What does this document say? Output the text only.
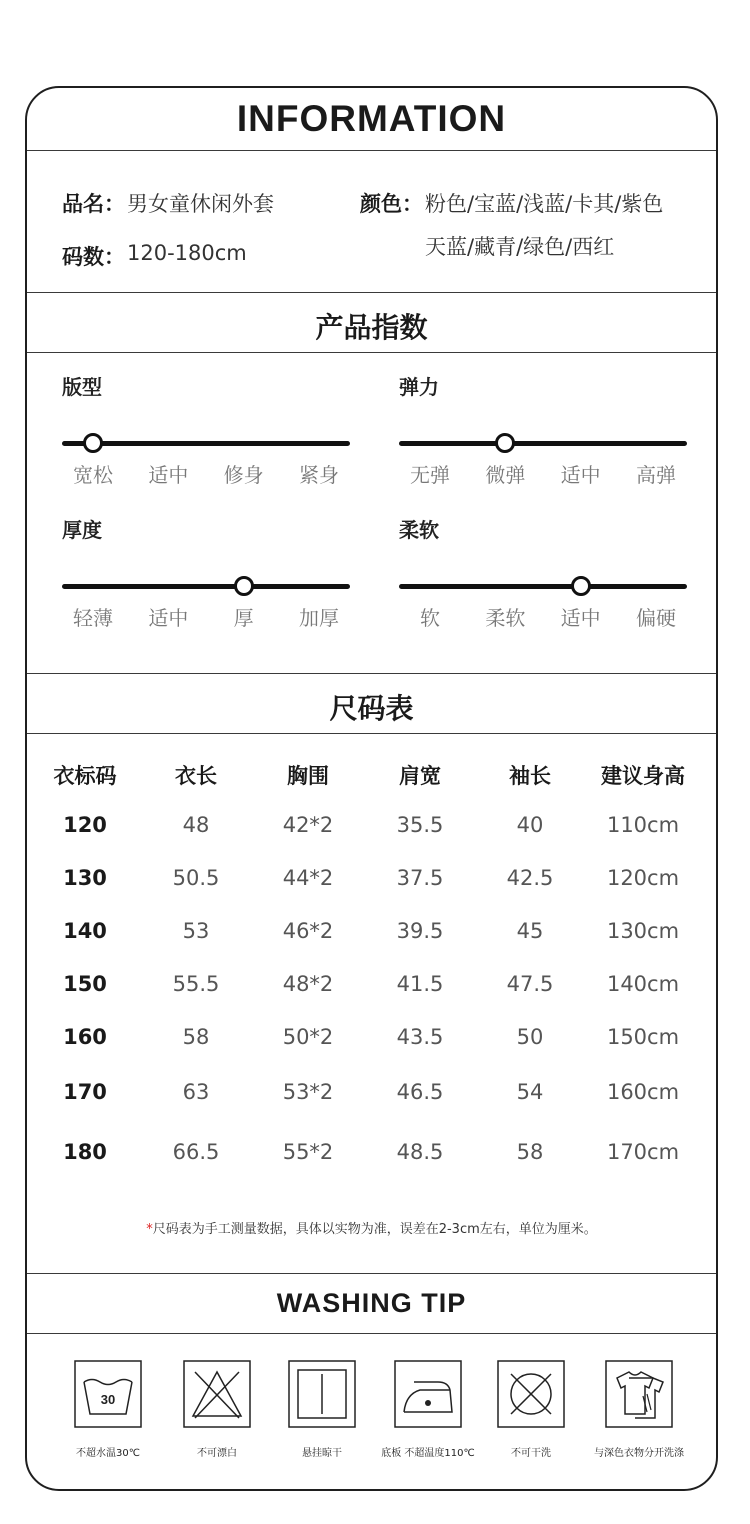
INFORMATION
品名： 男女童休闲外套
码数： 120-180cm
颜色： 粉色/宝蓝/浅蓝/卡其/紫色
天蓝/藏青/绿色/西红
产品指数
版型
宽松	适中	修身	紧身
弹力
无弹	微弹	适中	高弹
厚度
轻薄	适中	厚	加厚
柔软
软	柔软	适中	偏硬
尺码表
衣标码	衣长	胸围	肩宽	袖长	建议身高
120	48	42*2	35.5	40	110cm
130	50.5	44*2	37.5	42.5	120cm
140	53	46*2	39.5	45	130cm
150	55.5	48*2	41.5	47.5	140cm
160	58	50*2	43.5	50	150cm
170	63	53*2	46.5	54	160cm
180	66.5	55*2	48.5	58	170cm
*尺码表为手工测量数据，具体以实物为准，误差在2-3cm左右，单位为厘米。
WASHING TIP
30
不超水温30℃	不可漂白	悬挂晾干	底板 不超温度110℃	不可干洗	与深色衣物分开洗涤
